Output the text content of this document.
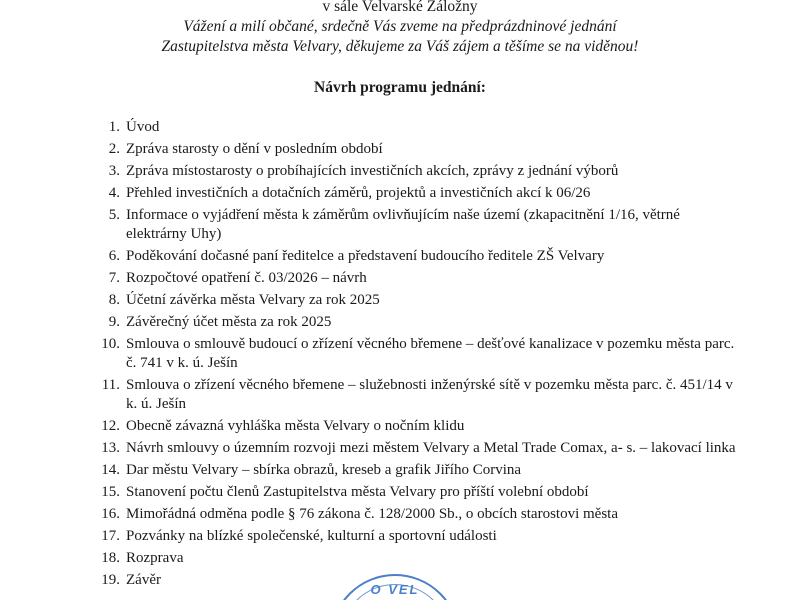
v sále Velvarské Záložny
Vážení a milí občané, srdečně Vás zveme na předprázdninové jednání
Zastupitelstva města Velvary, děkujeme za Váš zájem a těšíme se na viděnou!
Návrh programu jednání:
1. Úvod
2. Zpráva starosty o dění v posledním období
3. Zpráva místostarosty o probíhajících investičních akcích, zprávy z jednání výborů
4. Přehled investičních a dotačních záměrů, projektů a investičních akcí k 06/26
5. Informace o vyjádření města k záměrům ovlivňujícím naše území (zkapacitnění 1/16, větrné elektrárny Uhy)
6. Poděkování dočasné paní ředitelce a představení budoucího ředitele ZŠ Velvary
7. Rozpočtové opatření č. 03/2026 – návrh
8. Účetní závěrka města Velvary za rok 2025
9. Závěrečný účet města za rok 2025
10. Smlouva o smlouvě budoucí o zřízení věcného břemene – dešťové kanalizace v pozemku města parc. č. 741 v k. ú. Ješín
11. Smlouva o zřízení věcného břemene – služebnosti inženýrské sítě v pozemku města parc. č. 451/14 v k. ú. Ješín
12. Obecně závazná vyhláška města Velvary o nočním klidu
13. Návrh smlouvy o územním rozvoji mezi městem Velvary a Metal Trade Comax, a- s. – lakovací linka
14. Dar městu Velvary – sbírka obrazů, kreseb a grafik Jiřího Corvina
15. Stanovení počtu členů Zastupitelstva města Velvary pro příští volební období
16. Mimořádná odměna podle § 76 zákona č. 128/2000 Sb., o obcích starostovi města
17. Pozvánky na blízké společenské, kulturní a sportovní události
18. Rozprava
19. Závěr
O VEL
